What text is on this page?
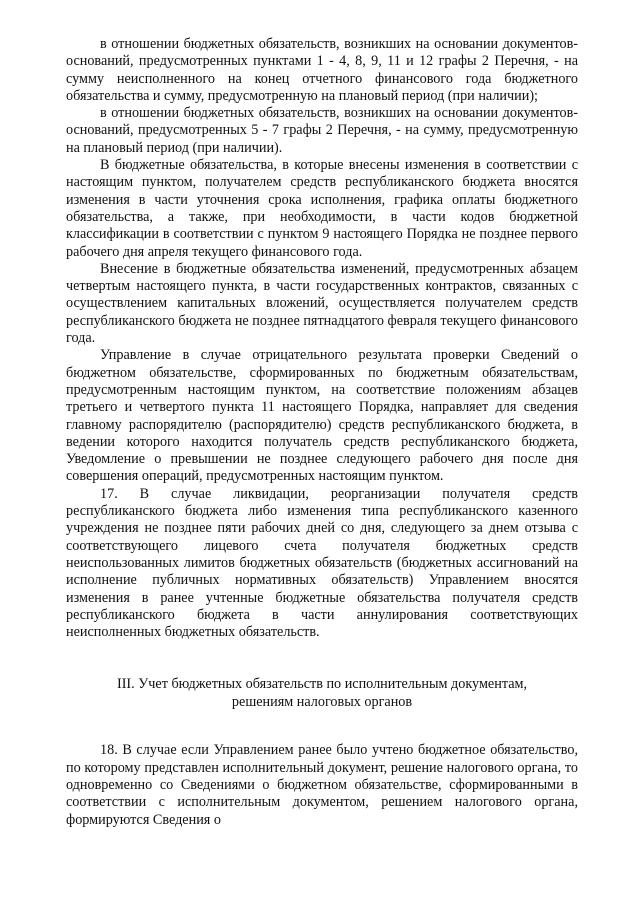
в отношении бюджетных обязательств, возникших на основании документов-оснований, предусмотренных пунктами 1 - 4, 8, 9, 11 и 12 графы 2 Перечня, - на сумму неисполненного на конец отчетного финансового года бюджетного обязательства и сумму, предусмотренную на плановый период (при наличии);

в отношении бюджетных обязательств, возникших на основании документов-оснований, предусмотренных 5 - 7 графы 2 Перечня, - на сумму, предусмотренную на плановый период (при наличии).

В бюджетные обязательства, в которые внесены изменения в соответствии с настоящим пунктом, получателем средств республиканского бюджета вносятся изменения в части уточнения срока исполнения, графика оплаты бюджетного обязательства, а также, при необходимости, в части кодов бюджетной классификации в соответствии с пунктом 9 настоящего Порядка не позднее первого рабочего дня апреля текущего финансового года.

Внесение в бюджетные обязательства изменений, предусмотренных абзацем четвертым настоящего пункта, в части государственных контрактов, связанных с осуществлением капитальных вложений, осуществляется получателем средств республиканского бюджета не позднее пятнадцатого февраля текущего финансового года.

Управление в случае отрицательного результата проверки Сведений о бюджетном обязательстве, сформированных по бюджетным обязательствам, предусмотренным настоящим пунктом, на соответствие положениям абзацев третьего и четвертого пункта 11 настоящего Порядка, направляет для сведения главному распорядителю (распорядителю) средств республиканского бюджета, в ведении которого находится получатель средств республиканского бюджета, Уведомление о превышении не позднее следующего рабочего дня после дня совершения операций, предусмотренных настоящим пунктом.

17. В случае ликвидации, реорганизации получателя средств республиканского бюджета либо изменения типа республиканского казенного учреждения не позднее пяти рабочих дней со дня, следующего за днем отзыва с соответствующего лицевого счета получателя бюджетных средств неиспользованных лимитов бюджетных обязательств (бюджетных ассигнований на исполнение публичных нормативных обязательств) Управлением вносятся изменения в ранее учтенные бюджетные обязательства получателя средств республиканского бюджета в части аннулирования соответствующих неисполненных бюджетных обязательств.

III. Учет бюджетных обязательств по исполнительным документам, решениям налоговых органов

18. В случае если Управлением ранее было учтено бюджетное обязательство, по которому представлен исполнительный документ, решение налогового органа, то одновременно со Сведениями о бюджетном обязательстве, сформированными в соответствии с исполнительным документом, решением налогового органа, формируются Сведения о
